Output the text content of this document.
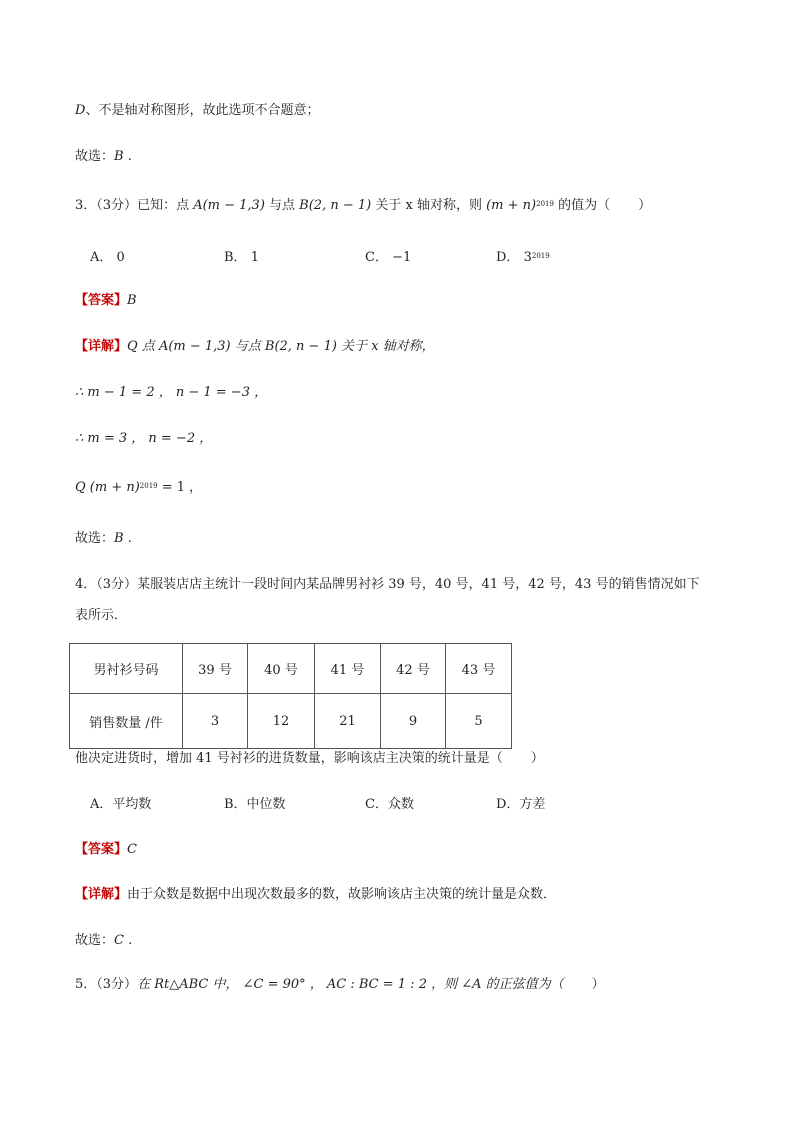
D、不是轴对称图形，故此选项不合题意；
故选：B .
3．（3分）已知：点 A(m − 1,3) 与点 B(2, n − 1) 关于 x 轴对称，则 $(m + n)^{2019}$ 的值为（ ）
A． 0	B． 1	C． −1	D． $3^{2019}$
【答案】B
【详解】Q 点 A(m − 1,3) 与点 B(2, n − 1) 关于 x 轴对称，
∴ m − 1 = 2 ， n − 1 = −3 ，
∴ m = 3 ， n = −2 ，
Q $(m + n)^{2019} = 1$ ，
故选：B .
4．（3分）某服装店店主统计一段时间内某品牌男衬衫 39 号，40 号，41 号，42 号，43 号的销售情况如下
表所示．
男衬衫号码	39 号	40 号	41 号	42 号	43 号
销售数量 /件	3	12	21	9	5
他决定进货时，增加 41 号衬衫的进货数量，影响该店主决策的统计量是（ ）
A．平均数	B．中位数	C．众数	D．方差
【答案】C
【详解】由于众数是数据中出现次数最多的数，故影响该店主决策的统计量是众数．
故选：C .
5．（3分）在 Rt△ABC 中， ∠C = 90° ， AC : BC = 1 : 2 ，则 ∠A 的正弦值为（ ）
